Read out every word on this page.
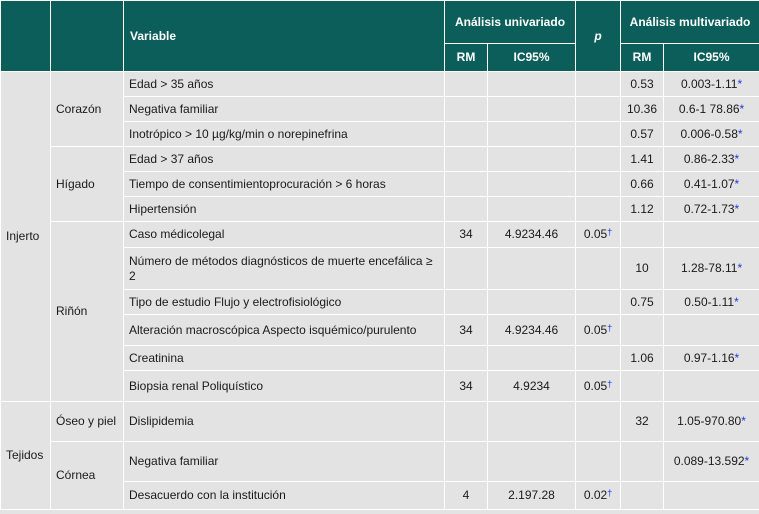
		Variable	Análisis univariado		p	Análisis multivariado	
			RM	IC95%		RM	IC95%
Injerto	Corazón	Edad > 35 años				0.53	0.003-1.11*
		Negativa familiar				10.36	0.6-1 78.86*
		Inotrópico > 10 µg/kg/min o norepinefrina				0.57	0.006-0.58*
	Hígado	Edad > 37 años				1.41	0.86-2.33*
		Tiempo de consentimientoprocuración > 6 horas				0.66	0.41-1.07*
		Hipertensión				1.12	0.72-1.73*
	Riñón	Caso médicolegal	34	4.9234.46	0.05†		
		Número de métodos diagnósticos de muerte encefálica ≥ 2				10	1.28-78.11*
		Tipo de estudio Flujo y electrofisiológico				0.75	0.50-1.11*
		Alteración macroscópica Aspecto isquémico/purulento	34	4.9234.46	0.05†		
		Creatinina				1.06	0.97-1.16*
		Biopsia renal Poliquístico	34	4.9234	0.05†		
Tejidos	Óseo y piel	Dislipidemia				32	1.05-970.80*
	Córnea	Negativa familiar					0.089-13.592*
		Desacuerdo con la institución	4	2.197.28	0.02†		
